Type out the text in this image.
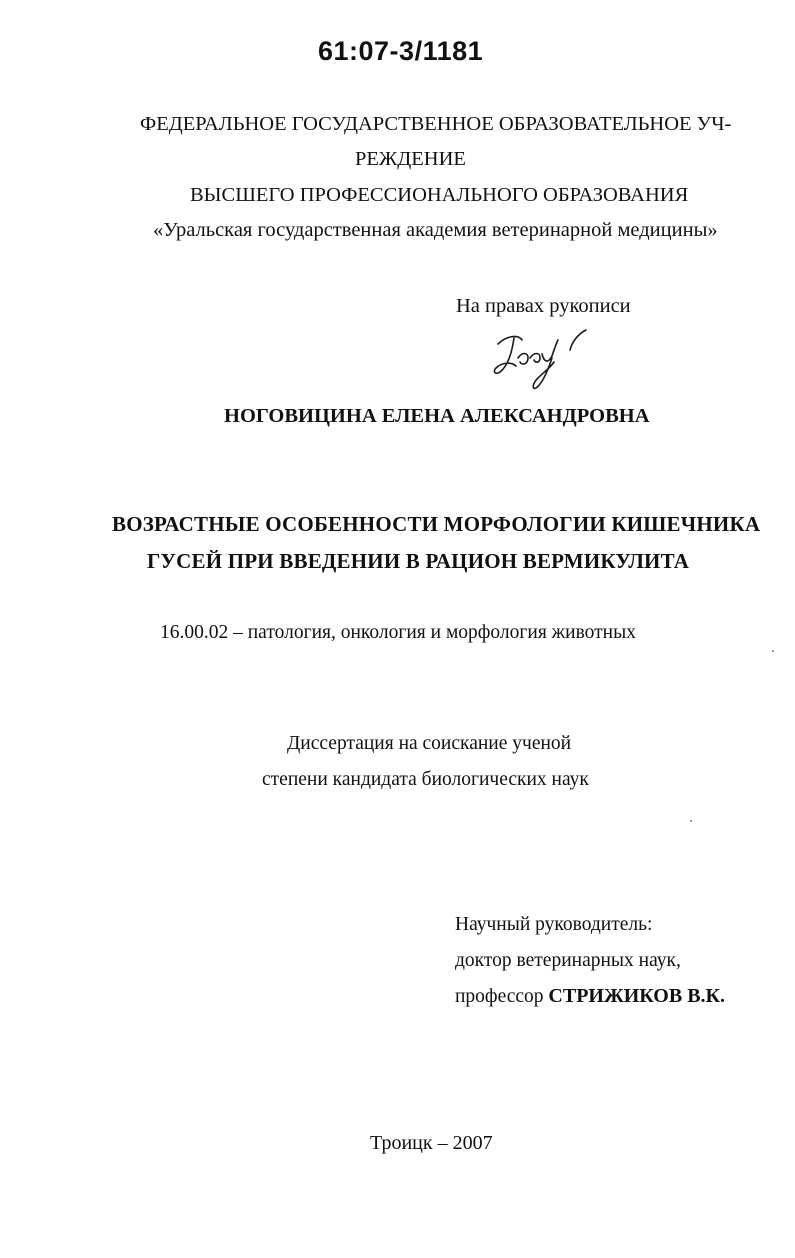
61:07-3/1181
ФЕДЕРАЛЬНОЕ ГОСУДАРСТВЕННОЕ ОБРАЗОВАТЕЛЬНОЕ УЧ-
РЕЖДЕНИЕ
ВЫСШЕГО ПРОФЕССИОНАЛЬНОГО ОБРАЗОВАНИЯ
«Уральская государственная академия ветеринарной медицины»
На правах рукописи
НОГОВИЦИНА ЕЛЕНА АЛЕКСАНДРОВНА
ВОЗРАСТНЫЕ ОСОБЕННОСТИ МОРФОЛОГИИ КИШЕЧНИКА
ГУСЕЙ ПРИ ВВЕДЕНИИ В РАЦИОН ВЕРМИКУЛИТА
16.00.02 – патология, онкология и морфология животных
Диссертация на соискание ученой
степени кандидата биологических наук
Научный руководитель:
доктор ветеринарных наук,
профессор СТРИЖИКОВ В.К.
Троицк – 2007
